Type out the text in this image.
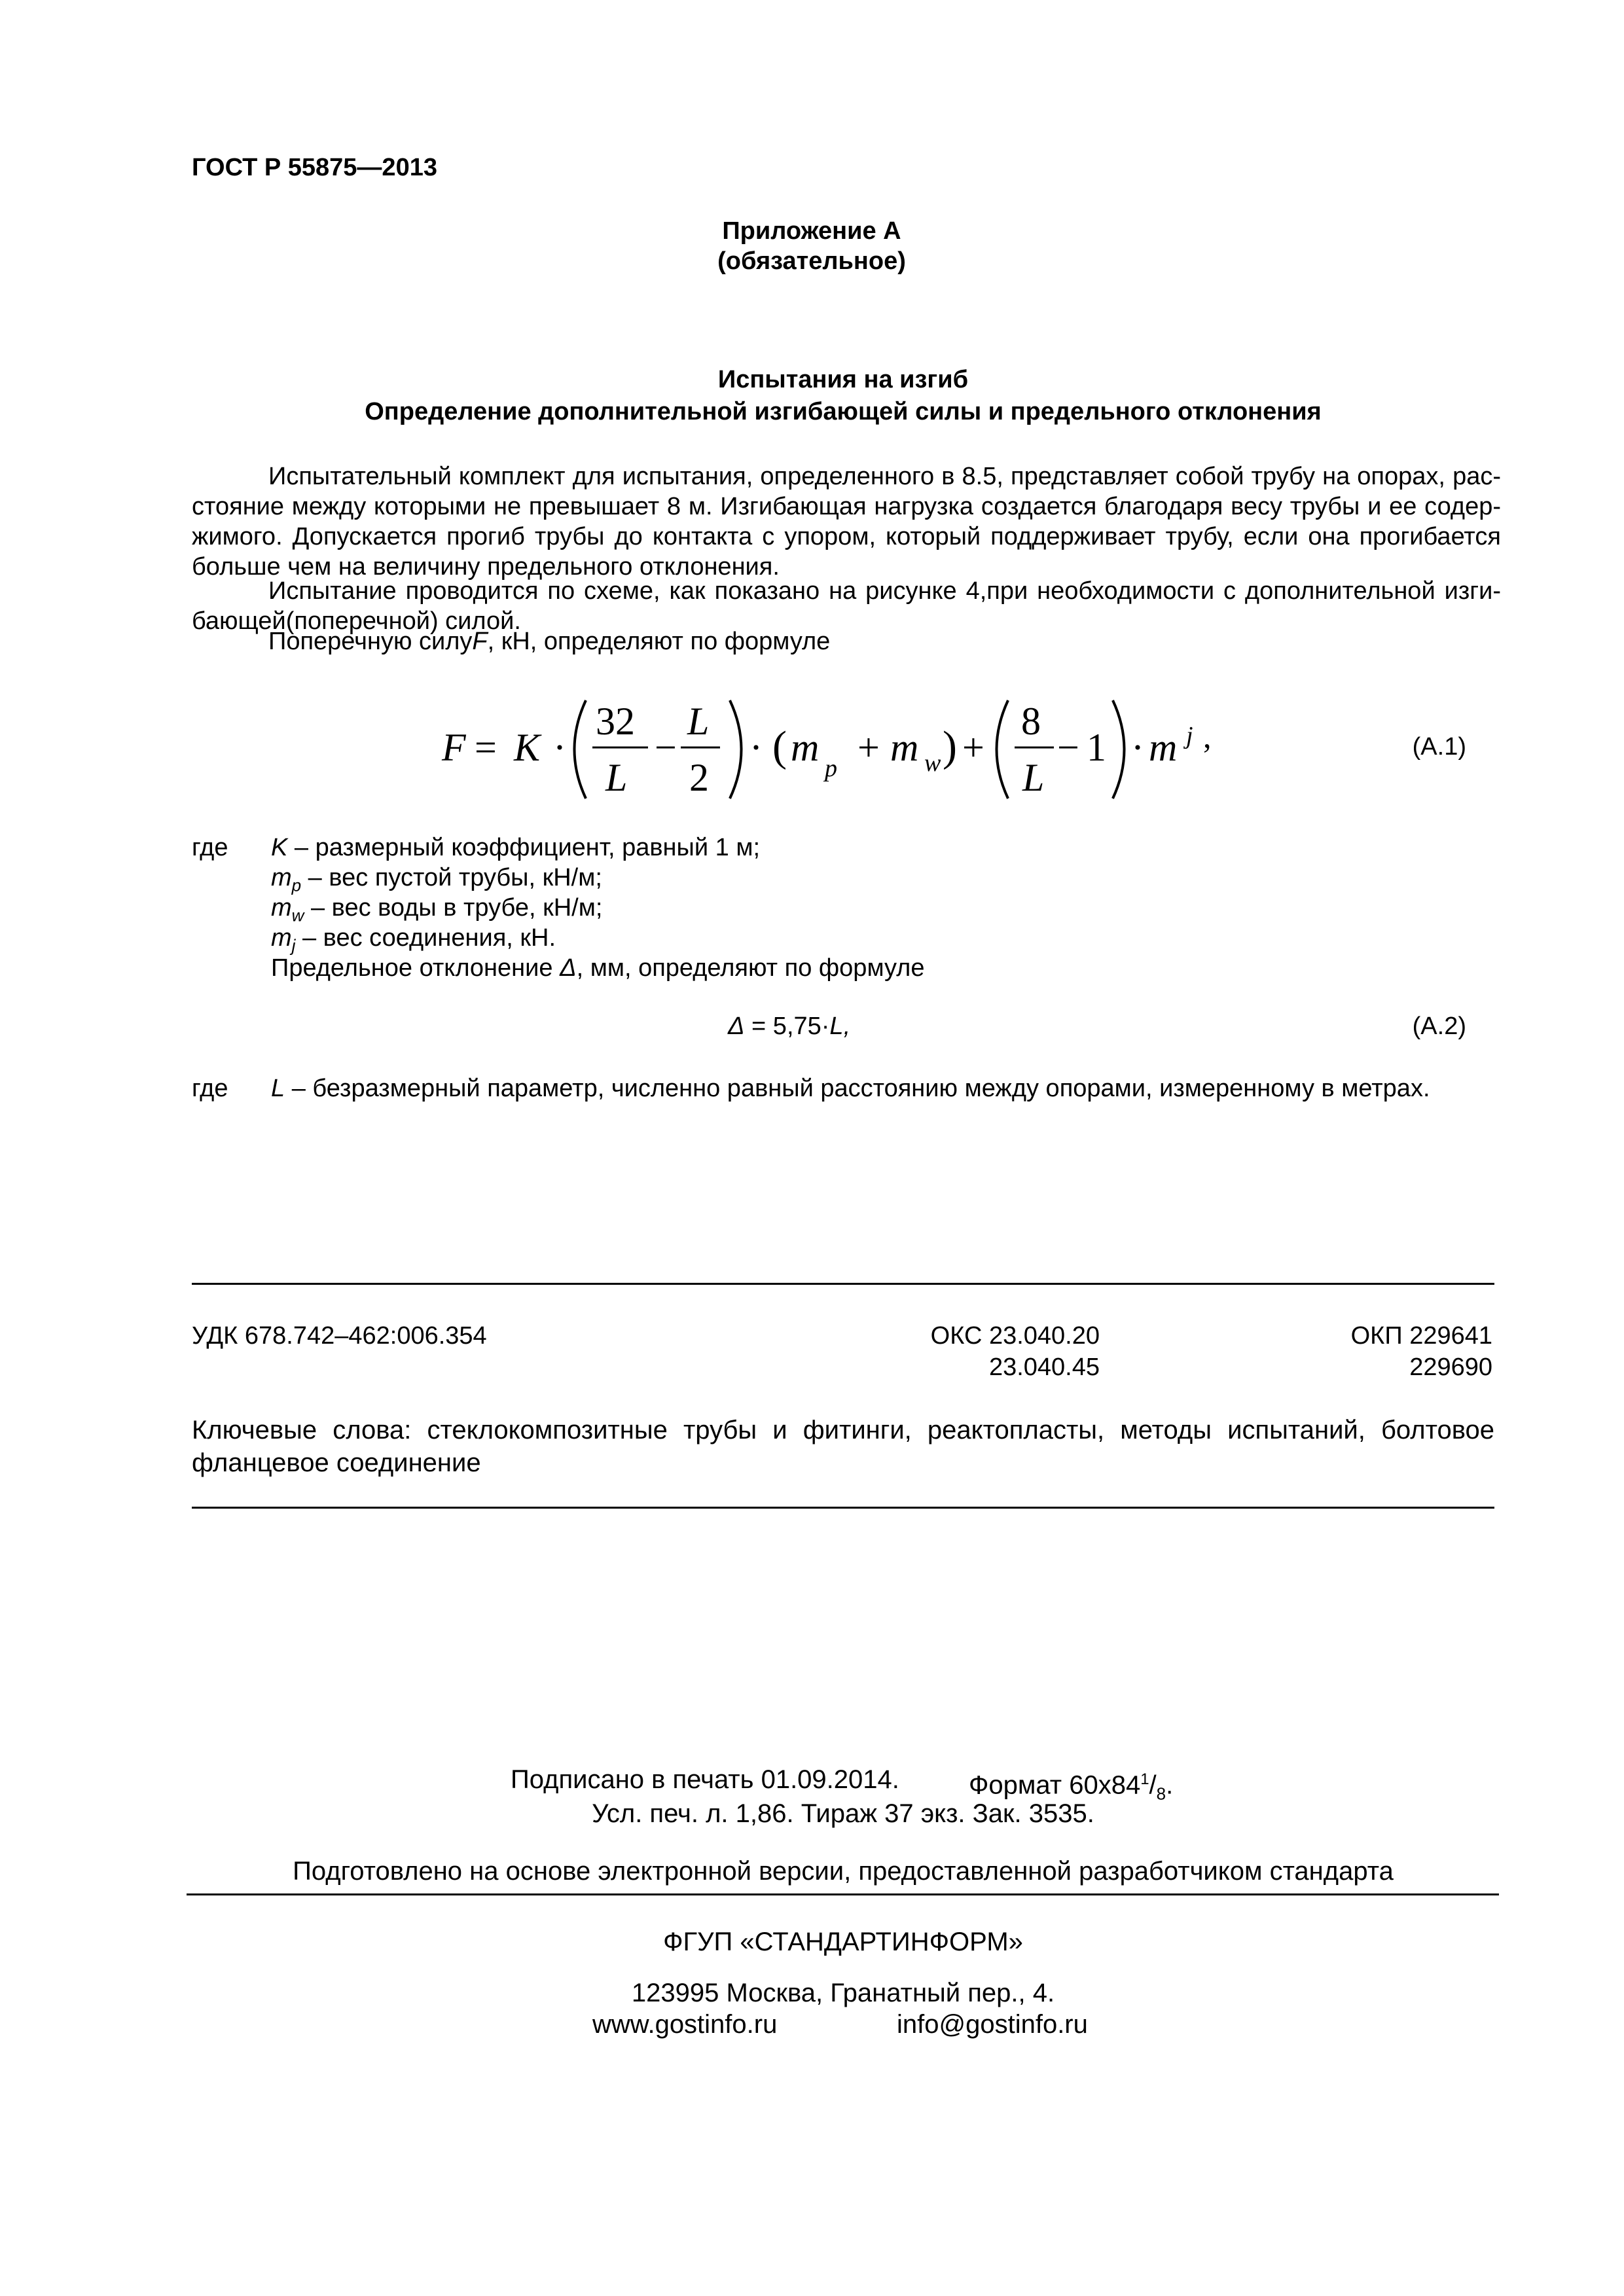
ГОСТ Р 55875—2013
Приложение А
(обязательное)
Испытания на изгиб
Определение дополнительной изгибающей силы и предельного отклонения
Испытательный комплект для испытания, определенного в 8.5, представляет собой трубу на опорах, рас-стояние между которыми не превышает 8 м. Изгибающая нагрузка создается благодаря весу трубы и ее содер-жимого. Допускается прогиб трубы до контакта с упором, который поддерживает трубу, если она прогибается больше чем на величину предельного отклонения.
Испытание проводится по схеме, как показано на рисунке 4,при необходимости с дополнительной изги-бающей(поперечной) силой.
Поперечную силуF, кН, определяют по формуле
F = K ·
32
L
−
L
2
· ( m p + m w ) +
8
L
− 1 · m j ,	(А.1)
где K – размерный коэффициент, равный 1 м;
$m_p$ – вес пустой трубы, кН/м;
$m_w$ – вес воды в трубе, кН/м;
$m_j$ – вес соединения, кН.
Предельное отклонение Δ, мм, определяют по формуле
Δ = 5,75·L,	(А.2)
где L – безразмерный параметр, численно равный расстоянию между опорами, измеренному в метрах.
УДК 678.742–462:006.354	ОКС 23.040.20
23.040.45
ОКП 229641
229690
Ключевые слова: стеклокомпозитные трубы и фитинги, реактопласты, методы испытаний, болтовое фланцевое соединение
Подписано в печать 01.09.2014.	Формат $60х84^1/_8$.
Усл. печ. л. 1,86. Тираж 37 экз. Зак. 3535.
Подготовлено на основе электронной версии, предоставленной разработчиком стандарта
ФГУП «СТАНДАРТИНФОРМ»
123995 Москва, Гранатный пер., 4.
www.gostinfo.ru	info@gostinfo.ru
